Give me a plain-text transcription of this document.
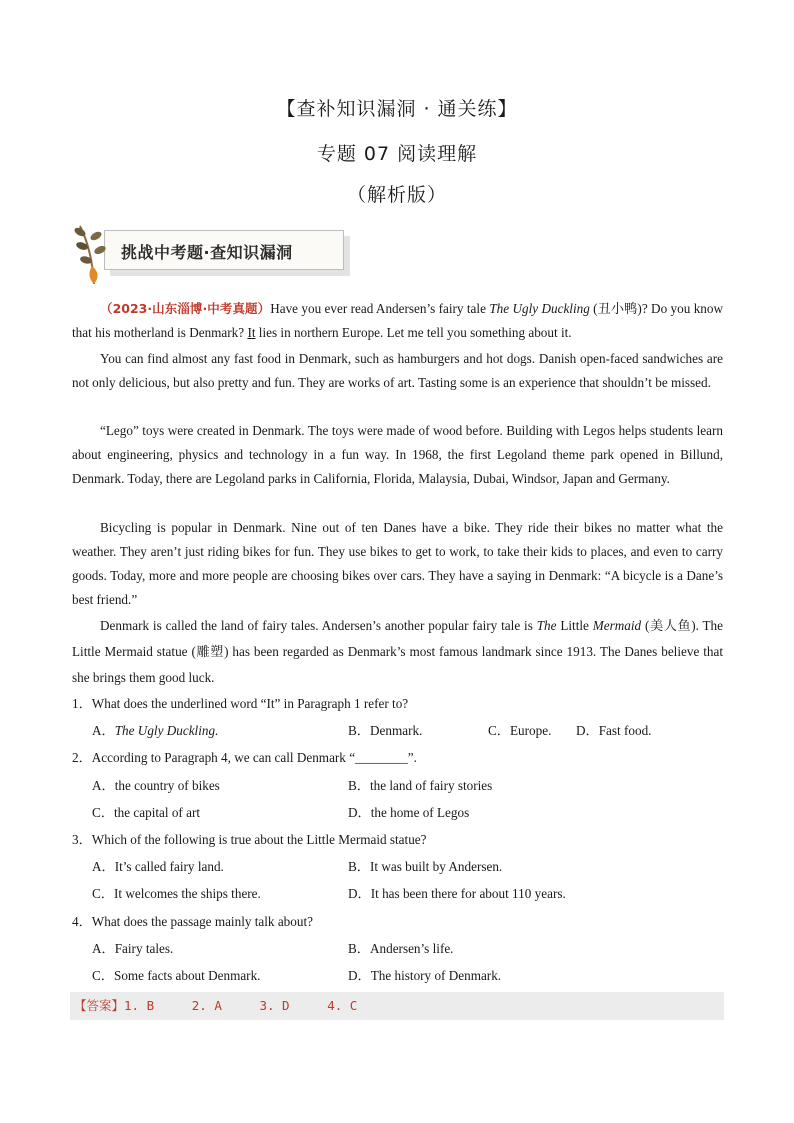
【查补知识漏洞 · 通关练】
专题 07 阅读理解
（解析版）
挑战中考题·查知识漏洞

（2023·山东淄博·中考真题）Have you ever read Andersen’s fairy tale The Ugly Duckling (丑小鸭)? Do you know that his motherland is Denmark? It lies in northern Europe. Let me tell you something about it.

You can find almost any fast food in Denmark, such as hamburgers and hot dogs. Danish open-faced sandwiches are not only delicious, but also pretty and fun. They are works of art. Tasting some is an experience that shouldn’t be missed.

“Lego” toys were created in Denmark. The toys were made of wood before. Building with Legos helps students learn about engineering, physics and technology in a fun way. In 1968, the first Legoland theme park opened in Billund, Denmark. Today, there are Legoland parks in California, Florida, Malaysia, Dubai, Windsor, Japan and Germany.

Bicycling is popular in Denmark. Nine out of ten Danes have a bike. They ride their bikes no matter what the weather. They aren’t just riding bikes for fun. They use bikes to get to work, to take their kids to places, and even to carry goods. Today, more and more people are choosing bikes over cars. They have a saying in Denmark: “A bicycle is a Dane’s best friend.”

Denmark is called the land of fairy tales. Andersen’s another popular fairy tale is The Little Mermaid (美人鱼). The Little Mermaid statue (雕塑) has been regarded as Denmark’s most famous landmark since 1913. The Danes believe that she brings them good luck.

1．What does the underlined word “It” in Paragraph 1 refer to?
A．The Ugly Duckling.	B．Denmark.	C．Europe. D．Fast food.
2．According to Paragraph 4, we can call Denmark “________”.
A．the country of bikes	B．the land of fairy stories
C．the capital of art	D．the home of Legos
3．Which of the following is true about the Little Mermaid statue?
A．It’s called fairy land.	B．It was built by Andersen.
C．It welcomes the ships there.	D．It has been there for about 110 years.
4．What does the passage mainly talk about?
A．Fairy tales.	B．Andersen’s life.
C．Some facts about Denmark.	D．The history of Denmark.
【答案】1. B     2. A     3. D     4. C
